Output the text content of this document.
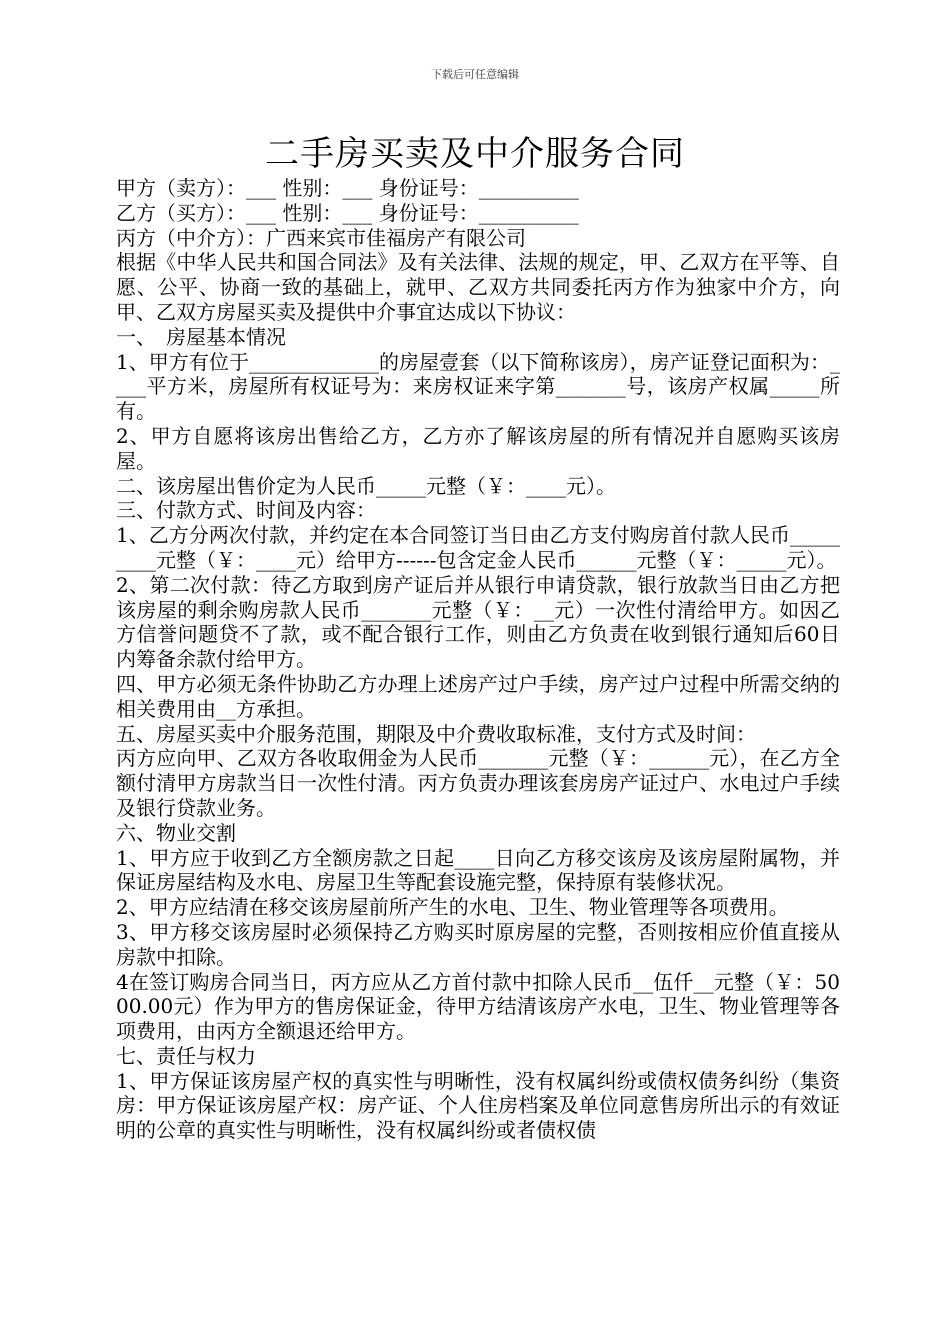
下载后可任意编辑
二手房买卖及中介服务合同

甲方（卖方）：___ 性别：___ 身份证号：__________

乙方（买方）：___ 性别：___ 身份证号：__________

丙方（中介方）：广西来宾市佳福房产有限公司

根据《中华人民共和国合同法》及有关法律、法规的规定，甲、乙双方在平等、自愿、公平、协商一致的基础上，就甲、乙双方共同委托丙方作为独家中介方，向甲、乙双方房屋买卖及提供中介事宜达成以下协议：

一、　房屋基本情况

1、甲方有位于_____________的房屋壹套（以下简称该房），房产证登记面积为：____平方米，房屋所有权证号为：来房权证来字第_______号，该房产权属_____所有。

2、甲方自愿将该房出售给乙方，乙方亦了解该房屋的所有情况并自愿购买该房屋。

二、该房屋出售价定为人民币_____元整（￥：____元）。

三、付款方式、时间及内容：

1、乙方分两次付款，并约定在本合同签订当日由乙方支付购房首付款人民币_________元整（￥：____元）给甲方------包含定金人民币______元整（￥：_____元）。

2、第二次付款：待乙方取到房产证后并从银行申请贷款，银行放款当日由乙方把该房屋的剩余购房款人民币_______元整（￥：__元）一次性付清给甲方。如因乙方信誉问题贷不了款，或不配合银行工作，则由乙方负责在收到银行通知后60日内筹备余款付给甲方。

四、甲方必须无条件协助乙方办理上述房产过户手续，房产过户过程中所需交纳的相关费用由__方承担。

五、房屋买卖中介服务范围，期限及中介费收取标准，支付方式及时间：

丙方应向甲、乙双方各收取佣金为人民币_______元整（￥：______元），在乙方全额付清甲方房款当日一次性付清。丙方负责办理该套房房产证过户、水电过户手续及银行贷款业务。

六、物业交割

1、甲方应于收到乙方全额房款之日起____日向乙方移交该房及该房屋附属物，并保证房屋结构及水电、房屋卫生等配套设施完整，保持原有装修状况。

2、甲方应结清在移交该房屋前所产生的水电、卫生、物业管理等各项费用。

3、甲方移交该房屋时必须保持乙方购买时原房屋的完整，否则按相应价值直接从房款中扣除。

4在签订购房合同当日，丙方应从乙方首付款中扣除人民币__伍仟__元整（￥：5000.00元）作为甲方的售房保证金，待甲方结清该房产水电，卫生、物业管理等各项费用，由丙方全额退还给甲方。

七、责任与权力

1、甲方保证该房屋产权的真实性与明晰性，没有权属纠纷或债权债务纠纷（集资房：甲方保证该房屋产权：房产证、个人住房档案及单位同意售房所出示的有效证明的公章的真实性与明晰性，没有权属纠纷或者债权债
